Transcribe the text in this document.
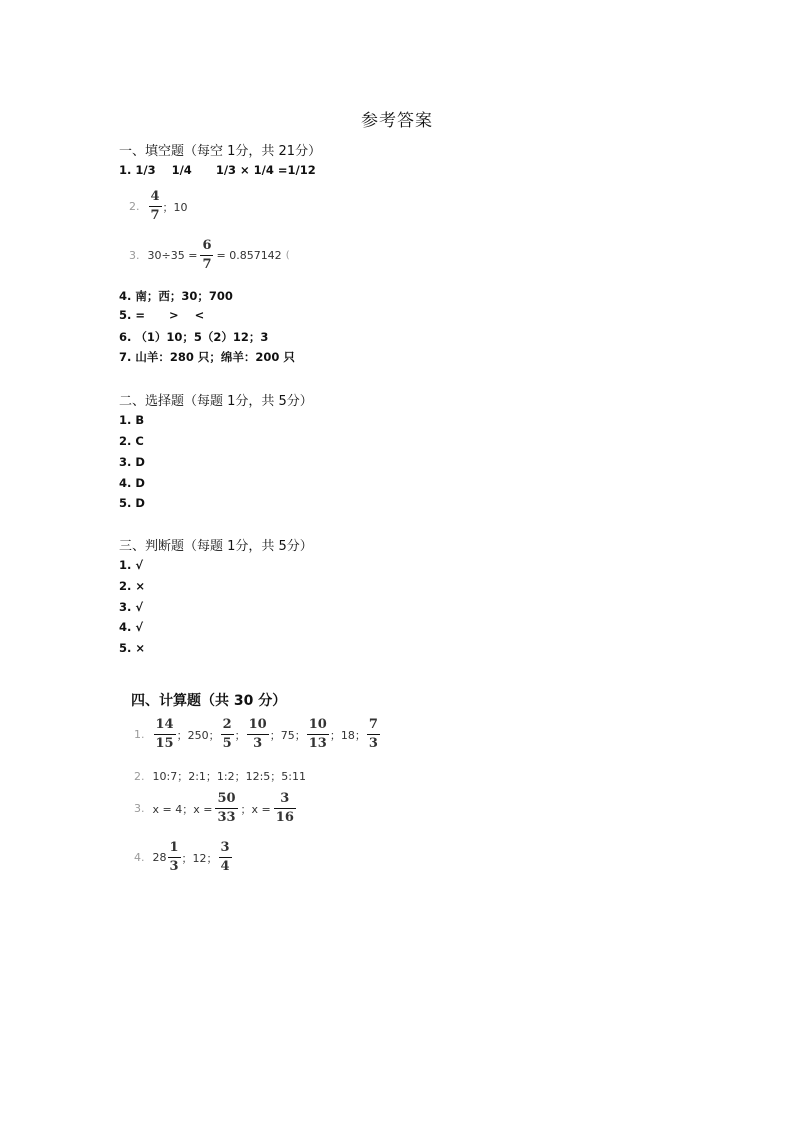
参考答案
一、填空题（每空 1分，共 21分）
1. 1/3    1/4      1/3 × 1/4 =1/12
2. $\frac{4}{7}$ ；10
3. $30\div 35 = \frac{6}{7} = 0.857142$ (
4. 南；西；30；700
5. =      >    <
6. （1）10；5（2）12；3
7. 山羊：280 只；绵羊：200 只
二、选择题（每题 1分，共 5分）
1. B
2. C
3. D
4. D
5. D
三、判断题（每题 1分，共 5分）
1. √
2. ×
3. √
4. √
5. ×
四、计算题（共 30 分）
1. $\frac{14}{15}$ ；250； $\frac{2}{5}$ ； $\frac{10}{3}$ ；75； $\frac{10}{13}$ ；18； $\frac{7}{3}$
2. 10:7；2:1；1:2；12:5；5:11
3. x = 4；$x = \frac{50}{33}$ ；$x = \frac{3}{16}$
4. $28 \frac{1}{3}$ ；12； $\frac{3}{4}$
